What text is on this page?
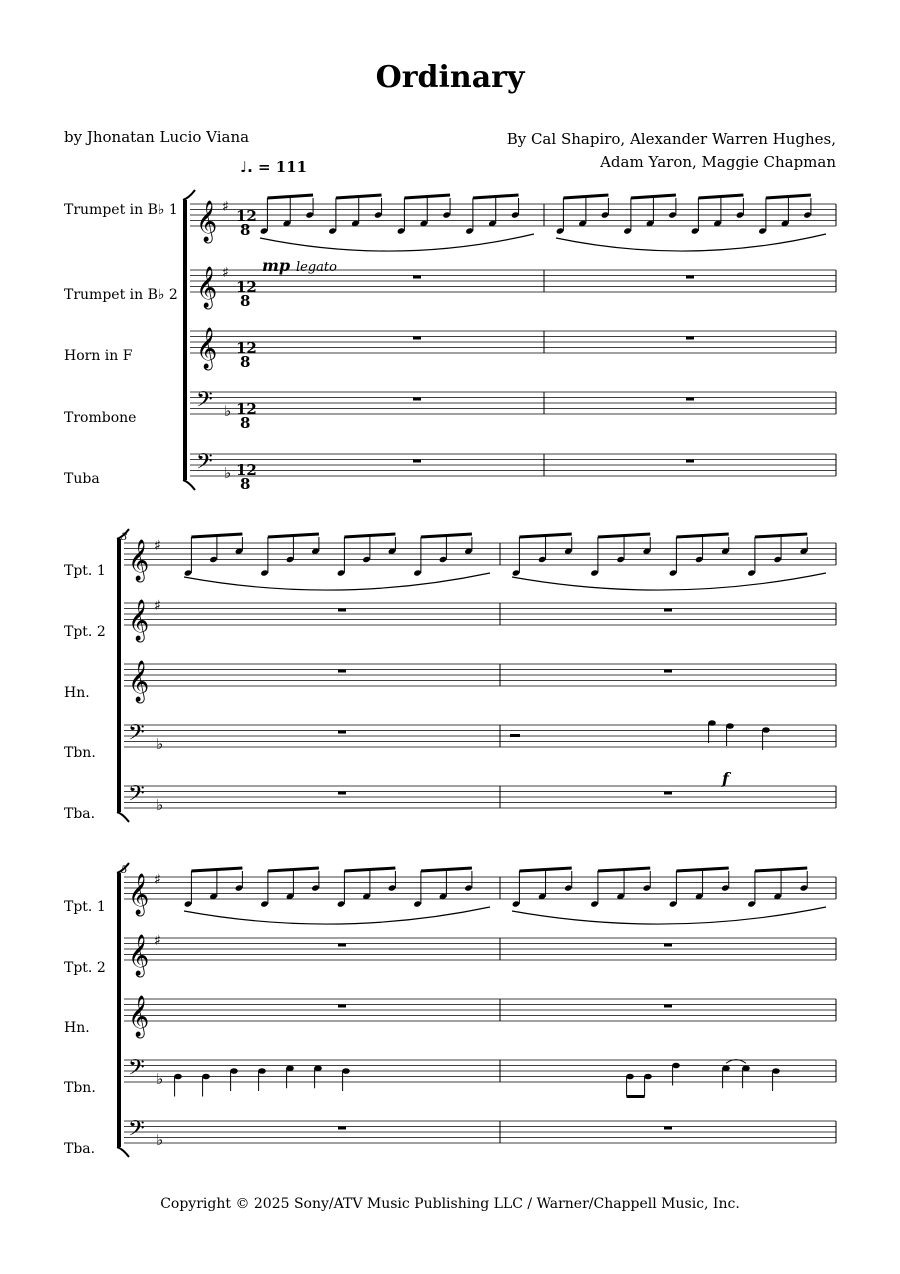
Ordinary
by Jhonatan Lucio Viana	By Cal Shapiro, Alexander Warren Hughes,
Adam Yaron, Maggie Chapman
♩. = 111
𝄞 ♯
𝄞 ♯
𝄞
𝄢 ♭
𝄢 ♭
𝄞 ♯
𝄞 ♯
𝄞
𝄢 ♭
𝄢 ♭
𝄞 ♯
𝄞 ♯
𝄞
𝄢 ♭
𝄢 ♭
Trumpet in B♭ 1
Trumpet in B♭ 2
Horn in F
Trombone
Tuba
Tpt. 1
Tpt. 2
Hn.
Tbn.
Tba.
Tpt. 1
Tpt. 2
Hn.
Tbn.
Tba.
3
5
12
8
12
8
12
8
12
8
12
8
mp legato
f
Copyright © 2025 Sony/ATV Music Publishing LLC / Warner/Chappell Music, Inc.
